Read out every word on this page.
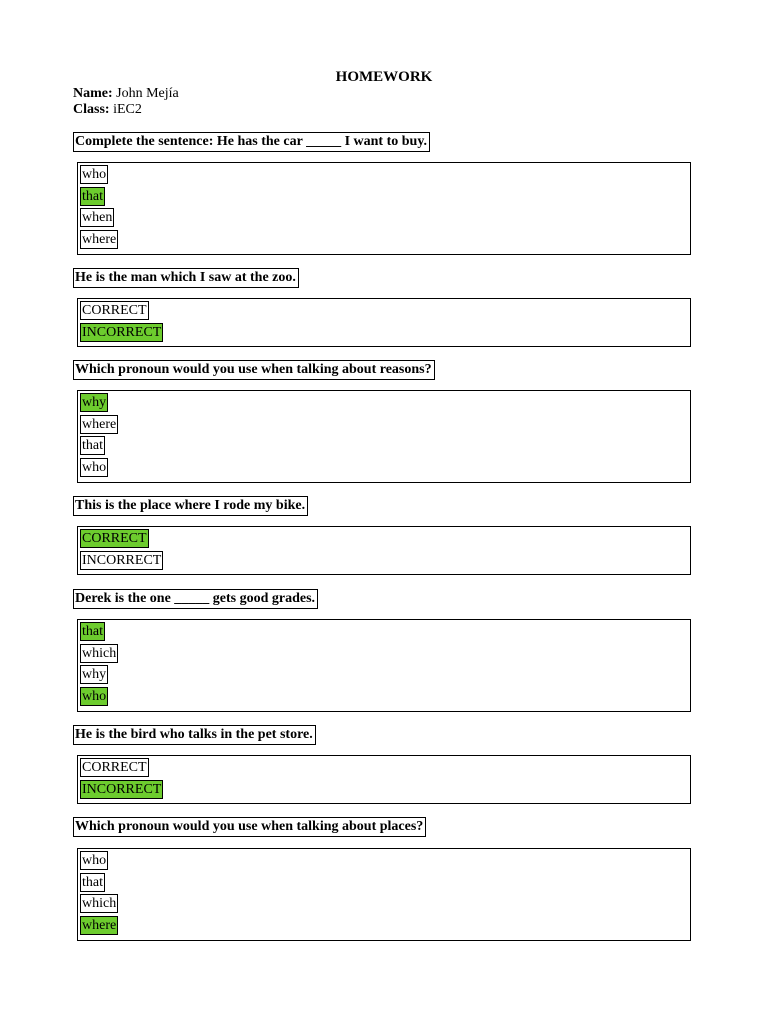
HOMEWORK
Name: John Mejía
Class: iEC2
Complete the sentence: He has the car _____ I want to buy.
who
that
when
where
He is the man which I saw at the zoo.
CORRECT
INCORRECT
Which pronoun would you use when talking about reasons?
why
where
that
who
This is the place where I rode my bike.
CORRECT
INCORRECT
Derek is the one _____ gets good grades.
that
which
why
who
He is the bird who talks in the pet store.
CORRECT
INCORRECT
Which pronoun would you use when talking about places?
who
that
which
where
